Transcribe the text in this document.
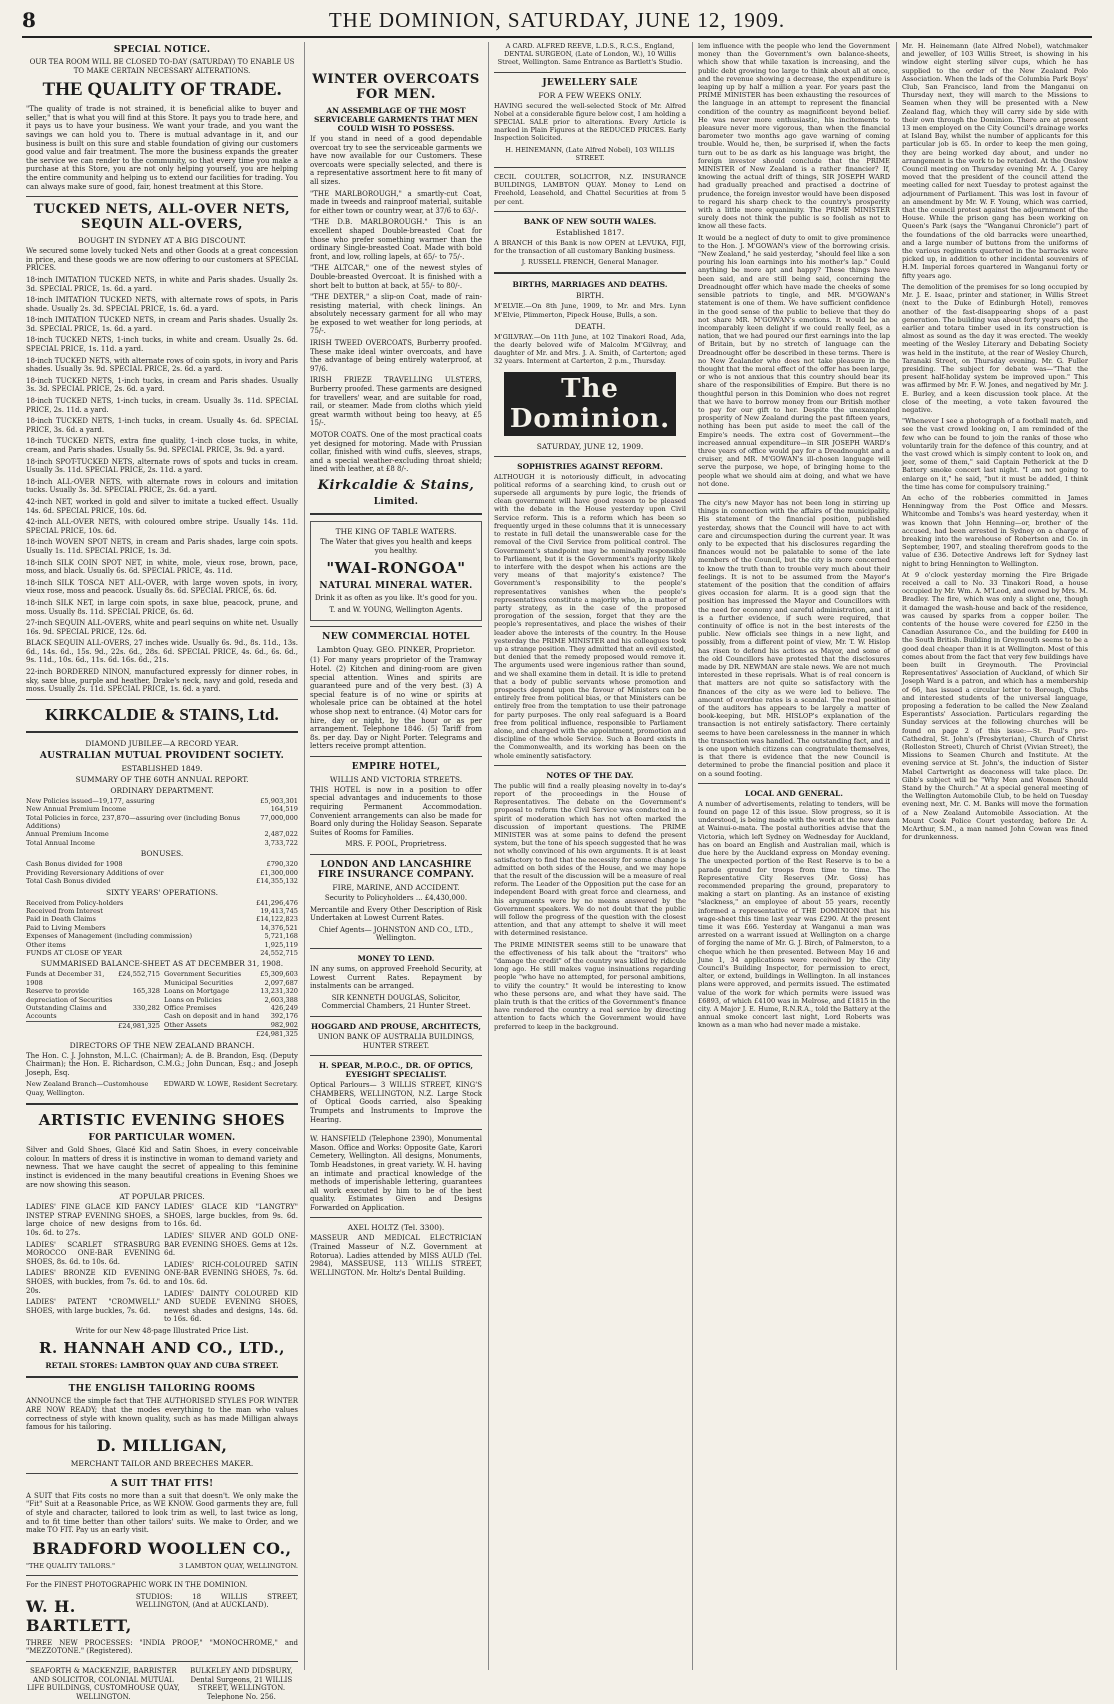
8	THE DOMINION, SATURDAY, JUNE 12, 1909.
SPECIAL NOTICE.

OUR TEA ROOM WILL BE CLOSED TO-DAY (SATURDAY) TO ENABLE US TO MAKE CERTAIN NECESSARY ALTERATIONS.

THE QUALITY OF TRADE.

"The quality of trade is not strained, it is beneficial alike to buyer and seller," that is what you will find at this Store. It pays you to trade here, and it pays us to have your business. We want your trade, and you want the savings we can hold you to. There is mutual advantage in it, and our business is built on this sure and stable foundation of giving our customers good value and fair treatment. The more the business expands the greater the service we can render to the community, so that every time you make a purchase at this Store, you are not only helping yourself, you are helping the entire community and helping us to extend our facilities for trading. You can always make sure of good, fair, honest treatment at this Store.

TUCKED NETS, ALL-OVER NETS, SEQUIN ALL-OVERS,
BOUGHT IN SYDNEY AT A BIG DISCOUNT.

We secured some lovely tucked Nets and other Goods at a great concession in price, and these goods we are now offering to our customers at SPECIAL PRICES.

18-inch IMITATION TUCKED NETS, in white and Paris shades. Usually 2s. 3d. SPECIAL PRICE, 1s. 6d. a yard.

18-inch IMITATION TUCKED NETS, with alternate rows of spots, in Paris shade. Usually 2s. 3d. SPECIAL PRICE, 1s. 6d. a yard.

18-inch IMITATION TUCKED NETS, in cream and Paris shades. Usually 2s. 3d. SPECIAL PRICE, 1s. 6d. a yard.

18-inch TUCKED NETS, 1-inch tucks, in white and cream. Usually 2s. 6d. SPECIAL PRICE, 1s. 11d. a yard.

18-inch TUCKED NETS, with alternate rows of coin spots, in ivory and Paris shades. Usually 3s. 9d. SPECIAL PRICE, 2s. 6d. a yard.

18-inch TUCKED NETS, 1-inch tucks, in cream and Paris shades. Usually 3s. 3d. SPECIAL PRICE, 2s. 6d. a yard.

18-inch TUCKED NETS, 1-inch tucks, in cream. Usually 3s. 11d. SPECIAL PRICE, 2s. 11d. a yard.

18-inch TUCKED NETS, 1-inch tucks, in cream. Usually 4s. 6d. SPECIAL PRICE, 3s. 6d. a yard.

18-inch TUCKED NETS, extra fine quality, 1-inch close tucks, in white, cream, and Paris shades. Usually 5s. 9d. SPECIAL PRICE, 3s. 9d. a yard.

18-inch SPOT-TUCKED NETS, alternate rows of spots and tucks in cream. Usually 3s. 11d. SPECIAL PRICE, 2s. 11d. a yard.

18-inch ALL-OVER NETS, with alternate rows in colours and imitation tucks. Usually 3s. 3d. SPECIAL PRICE, 2s. 6d. a yard.

42-inch NET, worked in gold and silver to imitate a tucked effect. Usually 14s. 6d. SPECIAL PRICE, 10s. 6d.

42-inch ALL-OVER NETS, with coloured ombre stripe. Usually 14s. 11d. SPECIAL PRICE, 10s. 6d.

18-inch WOVEN SPOT NETS, in cream and Paris shades, large coin spots. Usually 1s. 11d. SPECIAL PRICE, 1s. 3d.

18-inch SILK COIN SPOT NET, in white, mole, vieux rose, brown, pace, moss, and black. Usually 6s. 6d. SPECIAL PRICE, 4s. 11d.

18-inch SILK TOSCA NET ALL-OVER, with large woven spots, in ivory, vieux rose, moss and peacock. Usually 8s. 6d. SPECIAL PRICE, 6s. 6d.

18-inch SILK NET, in large coin spots, in saxe blue, peacock, prune, and moss. Usually 8s. 11d. SPECIAL PRICE, 6s. 6d.

27-inch SEQUIN ALL-OVERS, white and pearl sequins on white net. Usually 16s. 9d. SPECIAL PRICE, 12s. 6d.

BLACK SEQUIN ALL-OVERS, 27 inches wide. Usually 6s. 9d., 8s. 11d., 13s. 6d., 14s. 6d., 15s. 9d., 22s. 6d., 28s. 6d. SPECIAL PRICE, 4s. 6d., 6s. 6d., 9s. 11d., 10s. 6d., 11s. 6d. 16s. 6d., 21s.

22-inch BORDERED NINON, manufactured expressly for dinner robes, in sky, saxe blue, purple and heather, Drake's neck, navy and gold, reseda and moss. Usually 2s. 11d. SPECIAL PRICE, 1s. 6d. a yard.

KIRKCALDIE & STAINS, Ltd.
DIAMOND JUBILEE—A RECORD YEAR.
AUSTRALIAN MUTUAL PROVIDENT SOCIETY.
ESTABLISHED 1849.
SUMMARY OF THE 60TH ANNUAL REPORT.
ORDINARY DEPARTMENT.
New Policies issued—19,177, assuring	£5,903,301
New Annual Premium Income	164,519
Total Policies in force, 237,870—assuring over (including Bonus Additions)
77,000,000
Annual Premium Income	2,487,022
Total Annual Income	3,733,722
BONUSES.
Cash Bonus divided for 1908	£790,320
Providing Reversionary Additions of over	£1,300,000
Total Cash Bonus divided	£14,355,132
SIXTY YEARS' OPERATIONS.
Received from Policy-holders	£41,296,476
Received from Interest	19,413,745
Paid in Death Claims	£14,122,823
Paid to Living Members	14,376,521
Expenses of Management (including commission)	5,721,168
Other items	1,925,119
FUNDS AT CLOSE OF YEAR	24,552,715
SUMMARISED BALANCE-SHEET AS AT DECEMBER 31, 1908.
Funds at December 31, 1908
£24,552,715
Reserve to provide depreciation of Securities
165,328
Outstanding Claims and Accounts
330,282
£24,981,325
Government Securities	£5,309,603
Municipal Securities	2,097,687
Loans on Mortgage	13,231,320
Loans on Policies	2,603,388
Office Premises	426,249
Cash on deposit and in hand 392,176
Other Assets	982,902
£24,981,325
DIRECTORS OF THE NEW ZEALAND BRANCH.

The Hon. C. J. Johnston, M.L.C. (Chairman); A. de B. Brandon, Esq. (Deputy Chairman); the Hon. E. Richardson, C.M.G.; John Duncan, Esq.; and Joseph Joseph, Esq.

New Zealand Branch—Customhouse Quay, Wellington.
EDWARD W. LOWE, Resident Secretary.
ARTISTIC EVENING SHOES
FOR PARTICULAR WOMEN.

Silver and Gold Shoes, Glacé Kid and Satin Shoes, in every conceivable colour. In matters of dress it is instinctive in woman to demand variety and newness. That we have caught the secret of appealing to this feminine instinct is evidenced in the many beautiful creations in Evening Shoes we are now showing this season.

AT POPULAR PRICES.

LADIES' FINE GLACE KID FANCY INSTEP STRAP EVENING SHOES, a large choice of new designs from 10s. 6d. to 27s.

LADIES' SCARLET STRASBURG MOROCCO ONE-BAR EVENING SHOES, 8s. 6d. to 10s. 6d.

LADIES' BRONZE KID EVENING SHOES, with buckles, from 7s. 6d. to 20s.

LADIES' PATENT "CROMWELL" SHOES, with large buckles, 7s. 6d.

LADIES' GLACE KID "LANGTRY" SHOES, large buckles, from 9s. 6d. to 16s. 6d.

LADIES' SILVER AND GOLD ONE-BAR EVENING SHOES. Gems at 12s. 6d.

LADIES' RICH-COLOURED SATIN ONE-BAR EVENING SHOES, 7s. 6d. and 10s. 6d.

LADIES' DAINTY COLOURED KID AND SUEDE EVENING SHOES, newest shades and designs, 14s. 6d. to 16s. 6d.

Write for our New 48-page Illustrated Price List.

R. HANNAH AND CO., LTD.,
RETAIL STORES: LAMBTON QUAY AND CUBA STREET.
THE ENGLISH TAILORING ROOMS

ANNOUNCE the simple fact that THE AUTHORISED STYLES FOR WINTER ARE NOW READY; that the modes everything to the man who values correctness of style with known quality, such as has made Milligan always famous for his tailoring.

D. MILLIGAN,
MERCHANT TAILOR AND BREECHES MAKER.
A SUIT THAT FITS!

A SUIT that Fits costs no more than a suit that doesn't. We only make the "Fit" Suit at a Reasonable Price, as WE KNOW. Good garments they are, full of style and character, tailored to look trim as well, to last twice as long, and to fit time better than other tailors' suits. We make to Order, and we make TO FIT. Pay us an early visit.

BRADFORD WOOLLEN CO.,
"THE QUALITY TAILORS."	3 LAMBTON QUAY, WELLINGTON.

For the FINEST PHOTOGRAPHIC WORK IN THE DOMINION.

W. H. BARTLETT,

STUDIOS: 18 WILLIS STREET, WELLINGTON, (And at AUCKLAND).

THREE NEW PROCESSES: "INDIA PROOF," "MONOCHROME," and "MEZZOTONE." (Registered).

SEAFORTH & MACKENZIE, BARRISTER AND SOLICITOR, COLONIAL MUTUAL LIFE BUILDINGS, CUSTOMHOUSE QUAY, WELLINGTON.

BULKELEY AND DIDSBURY, Dental Surgeons, 21 WILLIS STREET, WELLINGTON. Telephone No. 256.

WINTER OVERCOATS FOR MEN.
AN ASSEMBLAGE OF THE MOST SERVICEABLE GARMENTS THAT MEN COULD WISH TO POSSESS.

If you stand in need of a good dependable overcoat try to see the serviceable garments we have now available for our Customers. These overcoats were specially selected, and there is a representative assortment here to fit many of all sizes.

"THE MARLBOROUGH," a smartly-cut Coat, made in tweeds and rainproof material, suitable for either town or country wear, at 37/6 to 63/-.

"THE D.B. MARLBOROUGH." This is an excellent shaped Double-breasted Coat for those who prefer something warmer than the ordinary Single-breasted Coat. Made with bold front, and low, rolling lapels, at 65/- to 75/-.

"THE ALTCAR," one of the newest styles of Double-breasted Overcoat. It is finished with a short belt to button at back, at 55/- to 80/-.

"THE DEXTER," a slip-on Coat, made of rain-resisting material, with check linings. An absolutely necessary garment for all who may be exposed to wet weather for long periods, at 75/-.

IRISH TWEED OVERCOATS, Burberry proofed. These make ideal winter overcoats, and have the advantage of being entirely waterproof, at 97/6.

IRISH FRIEZE TRAVELLING ULSTERS, Burberry proofed. These garments are designed for travellers' wear, and are suitable for road, rail, or steamer. Made from cloths which yield great warmth without being too heavy, at £5 15/-.

MOTOR COATS. One of the most practical coats yet designed for motoring. Made with Prussian collar, finished with wind cuffs, sleeves, straps, and a special weather-excluding throat shield; lined with leather, at £8 8/-.

Kirkcaldie & Stains,
Limited.
THE KING OF TABLE WATERS.

The Water that gives you health and keeps you healthy.

"WAI-RONGOA"
NATURAL MINERAL WATER.

Drink it as often as you like. It's good for you.

T. and W. YOUNG, Wellington Agents.

NEW COMMERCIAL HOTEL
Lambton Quay. GEO. PINKER, Proprietor.

(1) For many years proprietor of the Tramway Hotel. (2) Kitchen and dining-room are given special attention. Wines and spirits are guaranteed pure and of the very best. (3) A special feature is of no wine or spirits at wholesale price can be obtained at the hotel whose shop next to entrance. (4) Motor cars for hire, day or night, by the hour or as per arrangement. Telephone 1846. (5) Tariff from 8s. per day. Day or Night Porter. Telegrams and letters receive prompt attention.

EMPIRE HOTEL,
WILLIS AND VICTORIA STREETS.

THIS HOTEL is now in a position to offer special advantages and inducements to those requiring Permanent Accommodation. Convenient arrangements can also be made for Board only during the Holiday Season. Separate Suites of Rooms for Families.

MRS. F. POOL, Proprietress.

LONDON AND LANCASHIRE FIRE INSURANCE COMPANY.
FIRE, MARINE, AND ACCIDENT.

Security to Policyholders ... £4,430,000.

Mercantile and Every Other Description of Risk Undertaken at Lowest Current Rates.

Chief Agents— JOHNSTON AND CO., LTD., Wellington.

MONEY TO LEND.

IN any sums, on approved Freehold Security, at Lowest Current Rates. Repayment by instalments can be arranged.

SIR KENNETH DOUGLAS, Solicitor, Commercial Chambers, 21 Hunter Street.

HOGGARD AND PROUSE, ARCHITECTS,

UNION BANK OF AUSTRALIA BUILDINGS, HUNTER STREET.

H. SPEAR, M.P.O.C., DR. OF OPTICS, EYESIGHT SPECIALIST.

Optical Parlours— 3 WILLIS STREET, KING'S CHAMBERS, WELLINGTON, N.Z. Large Stock of Optical Goods carried, also Speaking Trumpets and Instruments to Improve the Hearing.

W. HANSFIELD (Telephone 2390), Monumental Mason. Office and Works: Opposite Gate, Karori Cemetery, Wellington. All designs, Monuments, Tomb Headstones, in great variety. W. H. having an intimate and practical knowledge of the methods of imperishable lettering, guarantees all work executed by him to be of the best quality. Estimates Given and Designs Forwarded on Application.

AXEL HOLTZ (Tel. 3300).

MASSEUR AND MEDICAL ELECTRICIAN (Trained Masseur of N.Z. Government at Rotorua). Ladies attended by MISS AULD (Tel. 2984), MASSEUSE, 113 WILLIS STREET, WELLINGTON. Mr. Holtz's Dental Building.

A CARD. ALFRED REEVE, L.D.S., R.C.S., England, DENTAL SURGEON, (Late of London, W.), 10 Willis Street, Wellington. Same Entrance as Bartlett's Studio.

JEWELLERY SALE
FOR A FEW WEEKS ONLY.

HAVING secured the well-selected Stock of Mr. Alfred Nobel at a considerable figure below cost, I am holding a SPECIAL SALE prior to alterations. Every Article is marked in Plain Figures at the REDUCED PRICES. Early Inspection Solicited.

H. HEINEMANN, (Late Alfred Nobel), 103 WILLIS STREET.

CECIL COULTER, SOLICITOR, N.Z. INSURANCE BUILDINGS, LAMBTON QUAY. Money to Lend on Freehold, Leasehold, and Chattel Securities at from 5 per cent.

BANK OF NEW SOUTH WALES.
Established 1817.

A BRANCH of this Bank is now OPEN at LEVUKA, FIJI, for the transaction of all customary Banking business.

J. RUSSELL FRENCH, General Manager.

BIRTHS, MARRIAGES AND DEATHS.
BIRTH.

M'ELVIE.—On 8th June, 1909, to Mr. and Mrs. Lynn M'Elvie, Plimmerton, Pipeck House, Bulls, a son.

DEATH.

M'GILVRAY.—On 11th June, at 102 Tinakori Road, Ada, the dearly beloved wife of Malcolm M'Gilvray, and daughter of Mr. and Mrs. J. A. Smith, of Carterton; aged 32 years. Interment at Carterton, 2 p.m., Thursday.

The Dominion.
SATURDAY, JUNE 12, 1909.
SOPHISTRIES AGAINST REFORM.

ALTHOUGH it is notoriously difficult, in advocating political reforms of a searching kind, to crush out or supersede all arguments by pure logic, the friends of clean government will have good reason to be pleased with the debate in the House yesterday upon Civil Service reform. This is a reform which has been so frequently urged in these columns that it is unnecessary to restate in full detail the unanswerable case for the removal of the Civil Service from political control. The Government's standpoint may be nominally responsible to Parliament, but it is the Government's majority likely to interfere with the despot when his actions are the very means of that majority's existence? The Government's responsibility to the people's representatives vanishes when the people's representatives constitute a majority who, in a matter of party strategy, as in the case of the proposed prorogation of the session, forget that they are the people's representatives, and place the wishes of their leader above the interests of the country. In the House yesterday the PRIME MINISTER and his colleagues took up a strange position. They admitted that an evil existed, but denied that the remedy proposed would remove it. The arguments used were ingenious rather than sound, and we shall examine them in detail. It is idle to pretend that a body of public servants whose promotion and prospects depend upon the favour of Ministers can be entirely free from political bias, or that Ministers can be entirely free from the temptation to use their patronage for party purposes. The only real safeguard is a Board free from political influence, responsible to Parliament alone, and charged with the appointment, promotion and discipline of the whole Service. Such a Board exists in the Commonwealth, and its working has been on the whole eminently satisfactory.

NOTES OF THE DAY.

The public will find a really pleasing novelty in to-day's report of the proceedings in the House of Representatives. The debate on the Government's proposal to reform the Civil Service was conducted in a spirit of moderation which has not often marked the discussion of important questions. The PRIME MINISTER was at some pains to defend the present system, but the tone of his speech suggested that he was not wholly convinced of his own arguments. It is at least satisfactory to find that the necessity for some change is admitted on both sides of the House, and we may hope that the result of the discussion will be a measure of real reform. The Leader of the Opposition put the case for an independent Board with great force and clearness, and his arguments were by no means answered by the Government speakers. We do not doubt that the public will follow the progress of the question with the closest attention, and that any attempt to shelve it will meet with determined resistance.

The PRIME MINISTER seems still to be unaware that the effectiveness of his talk about the "traitors" who "damage the credit" of the country was killed by ridicule long ago. He still makes vague insinuations regarding people "who have no attempted, for personal ambitions, to vilify the country." It would be interesting to know who these persons are, and what they have said. The plain truth is that the critics of the Government's finance have rendered the country a real service by directing attention to facts which the Government would have preferred to keep in the background.

lem influence with the people who lend the Government money than the Government's own balance-sheets, which show that while taxation is increasing, and the public debt growing too large to think about all at once, and the revenue showing a decrease, the expenditure is leaping up by half a million a year. For years past the PRIME MINISTER has been exhausting the resources of the language in an attempt to represent the financial condition of the country as magnificent beyond belief. He was never more enthusiastic, his incitements to pleasure never more vigorous, than when the financial barometer two months ago gave warning of coming trouble. Would he, then, be surprised if, when the facts turn out to be as dark as his language was bright, the foreign investor should conclude that the PRIME MINISTER of New Zealand is a rather financier? If, knowing the actual drift of things, SIR JOSEPH WARD had gradually preached and practised a doctrine of prudence, the foreign investor would have been disposed to regard his sharp check to the country's prosperity with a little more equanimity. The PRIME MINISTER surely does not think the public is so foolish as not to know all these facts.

It would be a neglect of duty to omit to give prominence to the Hon. J. M'GOWAN's view of the borrowing crisis. "New Zealand," he said yesterday, "should feel like a son pouring his loan earnings into his mother's lap." Could anything be more apt and happy? These things have been said, and are still being said, concerning the Dreadnought offer which have made the cheeks of some sensible patriots to tingle, and MR. M'GOWAN's statement is one of them. We have sufficient confidence in the good sense of the public to believe that they do not share MR. M'GOWAN's emotions. It would be an incomparably keen delight if we could really feel, as a nation, that we had poured our first earnings into the lap of Britain, but by no stretch of language can the Dreadnought offer be described in these terms. There is no New Zealander who does not take pleasure in the thought that the moral effect of the offer has been large, or who is not anxious that this country should bear its share of the responsibilities of Empire. But there is no thoughtful person in this Dominion who does not regret that we have to borrow money from our British mother to pay for our gift to her. Despite the unexampled prosperity of New Zealand during the past fifteen years, nothing has been put aside to meet the call of the Empire's needs. The extra cost of Government—the increased annual expenditure—in SIR JOSEPH WARD's three years of office would pay for a Dreadnought and a cruiser, and MR. M'GOWAN's ill-chosen language will serve the purpose, we hope, of bringing home to the people what we should aim at doing, and what we have not done.

The city's new Mayor has not been long in stirring up things in connection with the affairs of the municipality. His statement of the financial position, published yesterday, shows that the Council will have to act with care and circumspection during the current year. It was only to be expected that his disclosures regarding the finances would not be palatable to some of the late members of the Council, but the city is more concerned to know the truth than to trouble very much about their feelings. It is not to be assumed from the Mayor's statement of the position that the condition of affairs gives occasion for alarm. It is a good sign that the position has impressed the Mayor and Councillors with the need for economy and careful administration, and it is a further evidence, if such were required, that continuity of office is not in the best interests of the public. New officials see things in a new light, and possibly, from a different point of view, Mr. T. W. Hislop has risen to defend his actions as Mayor, and some of the old Councillors have protested that the disclosures made by DR. NEWMAN are stale news. We are not much interested in these reprisals. What is of real concern is that matters are not quite so satisfactory with the finances of the city as we were led to believe. The amount of overdue rates is a scandal. The real position of the auditors has appears to be largely a matter of book-keeping, but MR. HISLOP's explanation of the transaction is not entirely satisfactory. There certainly seems to have been carelessness in the manner in which the transaction was handled. The outstanding fact, and it is one upon which citizens can congratulate themselves, is that there is evidence that the new Council is determined to probe the financial position and place it on a sound footing.

LOCAL AND GENERAL.

A number of advertisements, relating to tenders, will be found on page 12 of this issue. Slow progress, so it is understood, is being made with the work at the new dam at Wainui-o-mata. The postal authorities advise that the Victoria, which left Sydney on Wednesday for Auckland, has on board an English and Australian mail, which is due here by the Auckland express on Monday evening. The unexpected portion of the Rest Reserve is to be a parade ground for troops from time to time. The Representative City Reserves (Mr. Goss) has recommended preparing the ground, preparatory to making a start on planting. As an instance of existing "slackness," an employee of about 55 years, recently informed a representative of THE DOMINION that his wage-sheet this time last year was £290. At the present time it was £66. Yesterday at Wanganui a man was arrested on a warrant issued at Wellington on a charge of forging the name of Mr. G. J. Birch, of Palmerston, to a cheque which he then presented. Between May 16 and June 1, 34 applications were received by the City Council's Building Inspector, for permission to erect, alter, or extend, buildings in Wellington. In all instances plans were approved, and permits issued. The estimated value of the work for which permits were issued was £6893, of which £4100 was in Melrose, and £1815 in the city. A Major J. E. Hume, R.N.R.A., told the Battery at the annual smoke concert last night, Lord Roberts was known as a man who had never made a mistake.

Mr. H. Heinemann (late Alfred Nobel), watchmaker and jeweller, of 103 Willis Street, is showing in his window eight sterling silver cups, which he has supplied to the order of the New Zealand Polo Association. When the lads of the Columbia Park Boys' Club, San Francisco, land from the Manganui on Thursday next, they will march to the Missions to Seamen when they will be presented with a New Zealand flag, which they will carry side by side with their own through the Dominion. There are at present 13 men employed on the City Council's drainage works at Island Bay, whilst the number of applicants for this particular job is 65. In order to keep the men going, they are being worked day about, and under no arrangement is the work to be retarded. At the Onslow Council meeting on Thursday evening Mr. A. J. Carey moved that the president of the council attend the meeting called for next Tuesday to protest against the adjournment of Parliament. This was lost in favour of an amendment by Mr. W. F. Young, which was carried, that the council protest against the adjournment of the House. While the prison gang has been working on Queen's Park (says the "Wanganui Chronicle") part of the foundations of the old barracks were unearthed, and a large number of buttons from the uniforms of the various regiments quartered in the barracks were picked up, in addition to other incidental souvenirs of H.M. Imperial forces quartered in Wanganui forty or fifty years ago.

The demolition of the premises for so long occupied by Mr. J. E. Isaac, printer and stationer, in Willis Street (next to the Duke of Edinburgh Hotel), removes another of the fast-disappearing shops of a past generation. The building was about forty years old, the earlier and totara timber used in its construction is almost as sound as the day it was erected. The weekly meeting of the Wesley Literary and Debating Society was held in the institute, at the rear of Wesley Church, Taranaki Street, on Thursday evening. Mr. G. Fuller presiding. The subject for debate was—"That the present half-holiday system be improved upon." This was affirmed by Mr. F. W. Jones, and negatived by Mr. J. E. Burley, and a keen discussion took place. At the close of the meeting, a vote taken favoured the negative.

"Whenever I see a photograph of a football match, and see the vast crowd looking on, I am reminded of the few who can be found to join the ranks of those who voluntarily train for the defence of this country, and at the vast crowd which is simply content to look on, and jeer, some of them," said Captain Petherick at the D Battery smoke concert last night. "I am not going to enlarge on it," he said, "but it must be added, I think the time has come for compulsory training."

An echo of the robberies committed in James Henningway from the Post Office and Messrs. Whitcombe and Tombs's was heard yesterday, when it was known that John Henning—or, brother of the accused, had been arrested in Sydney on a charge of breaking into the warehouse of Robertson and Co. in September, 1907, and stealing therefrom goods to the value of £36. Detective Andrews left for Sydney last night to bring Hennington to Wellington.

At 9 o'clock yesterday morning the Fire Brigade received a call to No. 33 Tinakori Road, a house occupied by Mr. Wm. A. M'Leod, and owned by Mrs. M. Bradley. The fire, which was only a slight one, though it damaged the wash-house and back of the residence, was caused by sparks from a copper boiler. The contents of the house were covered for £250 in the Canadian Assurance Co., and the building for £400 in the South British. Building in Greymouth seems to be a good deal cheaper than it is at Wellington. Most of this comes about from the fact that very few buildings have been built in Greymouth. The Provincial Representatives' Association of Auckland, of which Sir Joseph Ward is a patron, and which has a membership of 66, has issued a circular letter to Borough, Clubs and interested students of the universal language, proposing a federation to be called the New Zealand Esperantists' Association. Particulars regarding the Sunday services at the following churches will be found on page 2 of this issue:—St. Paul's pro-Cathedral, St. John's (Presbyterian), Church of Christ (Rolleston Street), Church of Christ (Vivian Street), the Missions to Seamen Church and Institute. At the evening service at St. John's, the induction of Sister Mabel Cartwright as deaconess will take place. Dr. Gibb's subject will be "Why Men and Women Should Stand by the Church." At a special general meeting of the Wellington Automobile Club, to be held on Tuesday evening next, Mr. C. M. Banks will move the formation of a New Zealand Automobile Association. At the Mount Cook Police Court yesterday, before Dr. A. McArthur, S.M., a man named John Cowan was fined for drunkenness.
